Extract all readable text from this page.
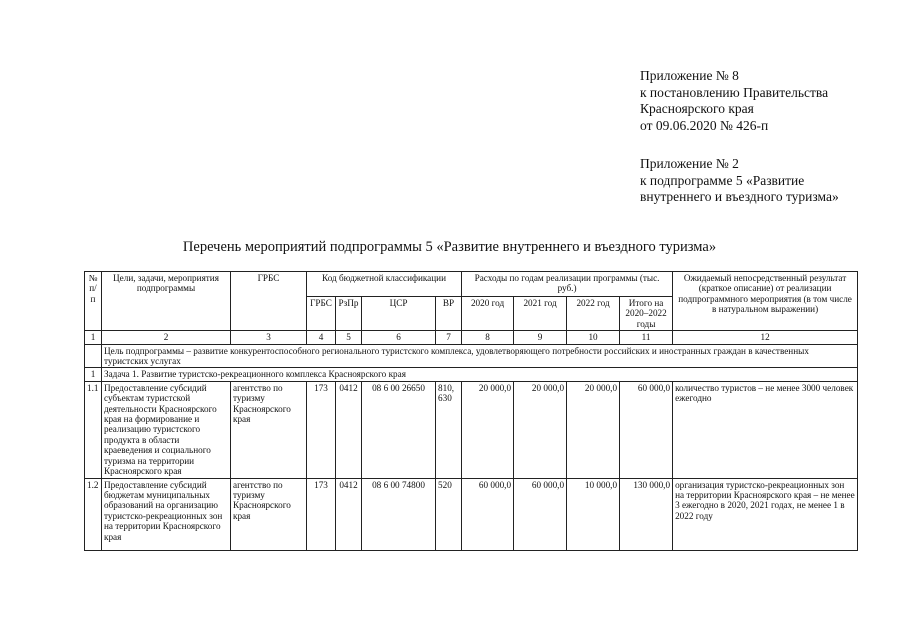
Приложение № 8
к постановлению Правительства
Красноярского края
от 09.06.2020 № 426-п
Приложение № 2
к подпрограмме 5 «Развитие
внутреннего и въездного туризма»
Перечень мероприятий подпрограммы 5 «Развитие внутреннего и въездного туризма»
№ п/п	Цели, задачи, мероприятия подпрограммы	ГРБС	Код бюджетной классификации				Расходы по годам реализации программы (тыс. руб.)				Ожидаемый непосредственный результат (краткое описание) от реализации подпрограммного мероприятия (в том числе в натуральном выражении)
			ГРБС	РзПр	ЦСР	ВР	2020 год	2021 год	2022 год	Итого на 2020–2022 годы	
1	2	3	4	5	6	7	8	9	10	11	12
	Цель подпрограммы – развитие конкурентоспособного регионального туристского комплекса, удовлетворяющего потребности российских и иностранных граждан в качественных туристских услугах										
1	Задача 1. Развитие туристско-рекреационного комплекса Красноярского края										
1.1	Предоставление субсидий субъектам туристской деятельности Красноярского края на формирование и реализацию туристского продукта в области краеведения и социального туризма на территории Красноярского края	агентство по туризму Красноярского края	173	0412	08 6 00 26650	810, 630	20 000,0	20 000,0	20 000,0	60 000,0	количество туристов – не менее 3000 человек ежегодно
1.2	Предоставление субсидий бюджетам муниципальных образований на организацию туристско-рекреационных зон на территории Красноярского края	агентство по туризму Красноярского края	173	0412	08 6 00 74800	520	60 000,0	60 000,0	10 000,0	130 000,0	организация туристско-рекреационных зон на территории Красноярского края – не менее 3 ежегодно в 2020, 2021 годах, не менее 1 в 2022 году
